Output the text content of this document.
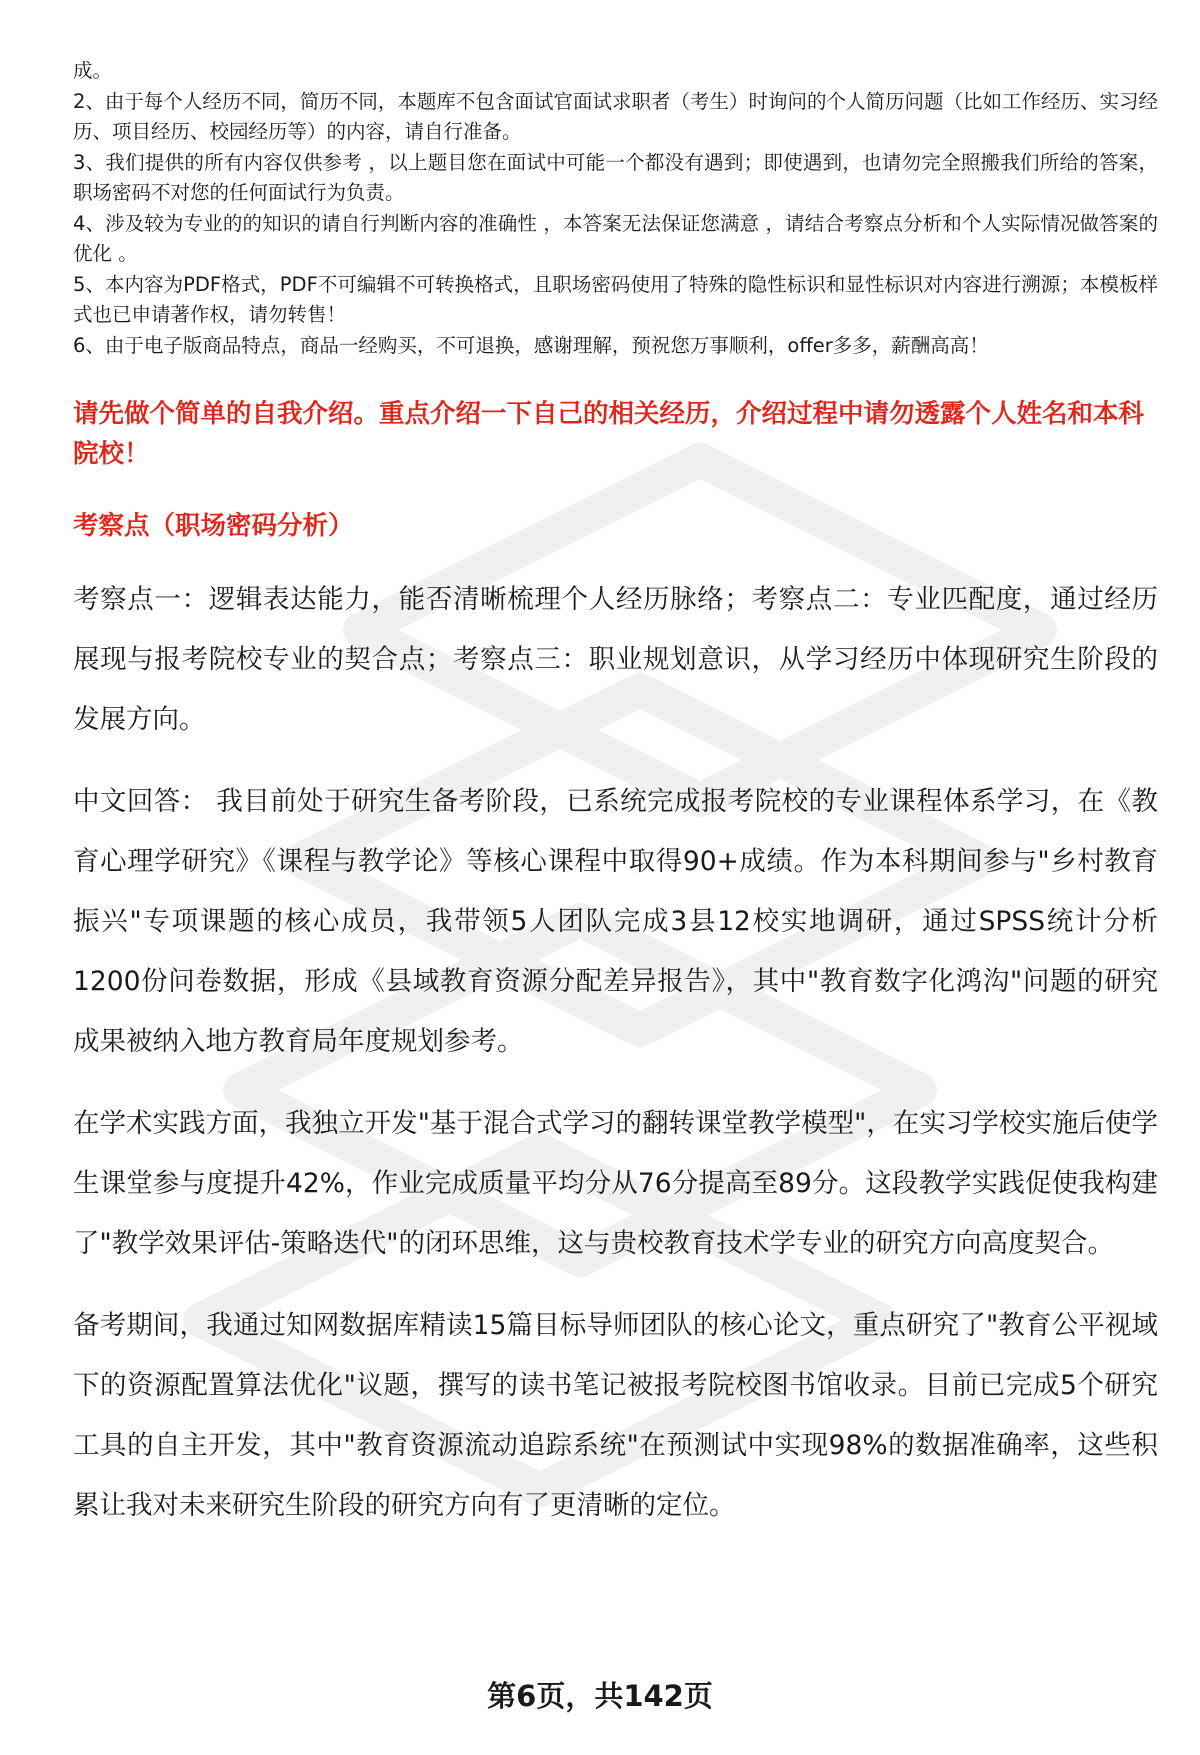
成。

2、由于每个人经历不同，简历不同，本题库不包含面试官面试求职者（考生）时询问的个人简历问题（比如工作经历、实习经历、项目经历、校园经历等）的内容，请自行准备。

3、我们提供的所有内容仅供参考 ，以上题目您在面试中可能一个都没有遇到；即使遇到，也请勿完全照搬我们所给的答案，职场密码不对您的任何面试行为负责。

4、涉及较为专业的的知识的请自行判断内容的准确性 ，本答案无法保证您满意 ，请结合考察点分析和个人实际情况做答案的优化 。

5、本内容为PDF格式，PDF不可编辑不可转换格式，且职场密码使用了特殊的隐性标识和显性标识对内容进行溯源；本模板样式也已申请著作权，请勿转售！

6、由于电子版商品特点，商品一经购买，不可退换，感谢理解，预祝您万事顺利，offer多多，薪酬高高！

请先做个简单的自我介绍。重点介绍一下自己的相关经历，介绍过程中请勿透露个人姓名和本科院校！
考察点（职场密码分析）

考察点一：逻辑表达能力，能否清晰梳理个人经历脉络；考察点二：专业匹配度，通过经历展现与报考院校专业的契合点；考察点三：职业规划意识，从学习经历中体现研究生阶段的发展方向。

中文回答： 我目前处于研究生备考阶段，已系统完成报考院校的专业课程体系学习，在《教育心理学研究》《课程与教学论》等核心课程中取得90+成绩。作为本科期间参与"乡村教育振兴"专项课题的核心成员，我带领5人团队完成3县12校实地调研，通过SPSS统计分析1200份问卷数据，形成《县域教育资源分配差异报告》，其中"教育数字化鸿沟"问题的研究成果被纳入地方教育局年度规划参考。

在学术实践方面，我独立开发"基于混合式学习的翻转课堂教学模型"，在实习学校实施后使学生课堂参与度提升42%，作业完成质量平均分从76分提高至89分。这段教学实践促使我构建了"教学效果评估-策略迭代"的闭环思维，这与贵校教育技术学专业的研究方向高度契合。

备考期间，我通过知网数据库精读15篇目标导师团队的核心论文，重点研究了"教育公平视域下的资源配置算法优化"议题，撰写的读书笔记被报考院校图书馆收录。目前已完成5个研究工具的自主开发，其中"教育资源流动追踪系统"在预测试中实现98%的数据准确率，这些积累让我对未来研究生阶段的研究方向有了更清晰的定位。

第6页，共142页
